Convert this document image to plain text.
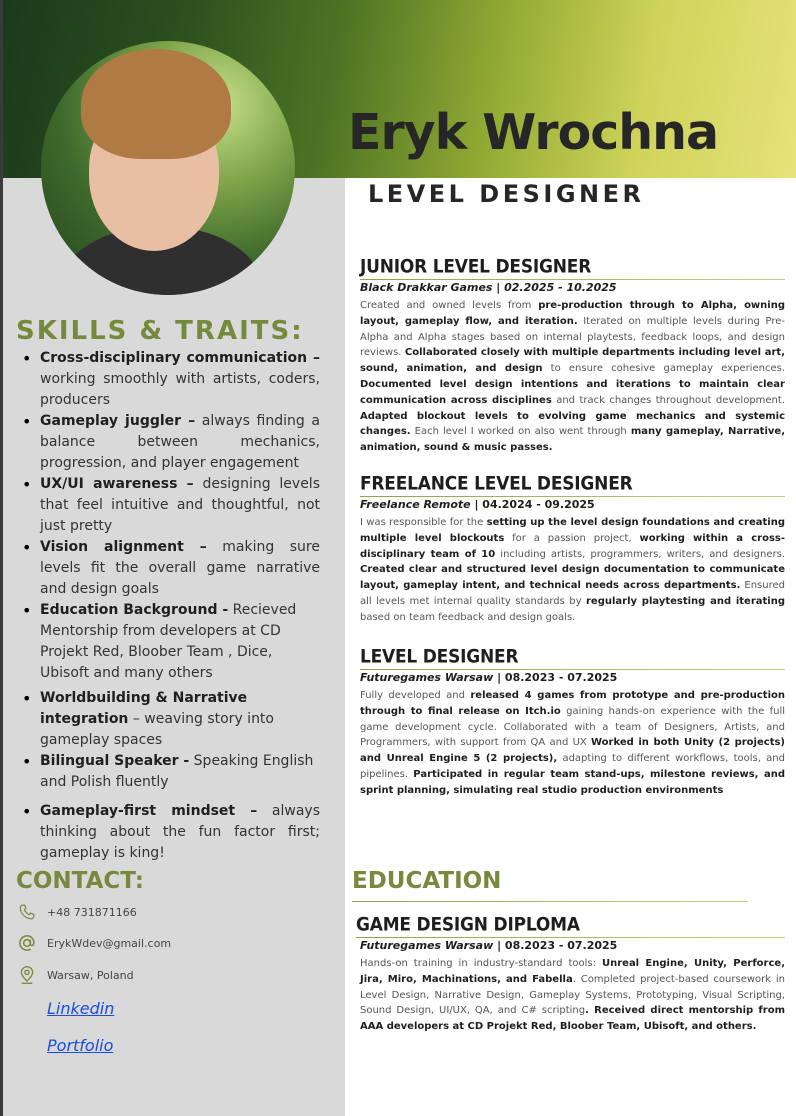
Eryk Wrochna
LEVEL DESIGNER
SKILLS & TRAITS:
• Cross-disciplinary communication – working smoothly with artists, coders, producers
• Gameplay juggler – always finding a balance between mechanics, progression, and player engagement
• UX/UI awareness – designing levels that feel intuitive and thoughtful, not just pretty
• Vision alignment – making sure levels fit the overall game narrative and design goals
• Education Background - Recieved Mentorship from developers at CD Projekt Red, Bloober Team , Dice, Ubisoft and many others
• Worldbuilding & Narrative integration – weaving story into gameplay spaces
• Bilingual Speaker - Speaking English and Polish fluently
• Gameplay-first mindset – always thinking about the fun factor first; gameplay is king!
CONTACT:
+48 731871166
ErykWdev@gmail.com
Warsaw, Poland
Linkedin
Portfolio
JUNIOR LEVEL DESIGNER
Black Drakkar Games | 02.2025 - 10.2025
Created and owned levels from pre-production through to Alpha, owning layout, gameplay flow, and iteration. Iterated on multiple levels during Pre-Alpha and Alpha stages based on internal playtests, feedback loops, and design reviews. Collaborated closely with multiple departments including level art, sound, animation, and design to ensure cohesive gameplay experiences. Documented level design intentions and iterations to maintain clear communication across disciplines and track changes throughout development. Adapted blockout levels to evolving game mechanics and systemic changes. Each level I worked on also went through many gameplay, Narrative, animation, sound & music passes.
FREELANCE LEVEL DESIGNER
Freelance Remote | 04.2024 - 09.2025
I was responsible for the setting up the level design foundations and creating multiple level blockouts for a passion project, working within a cross-disciplinary team of 10 including artists, programmers, writers, and designers. Created clear and structured level design documentation to communicate layout, gameplay intent, and technical needs across departments. Ensured all levels met internal quality standards by regularly playtesting and iterating based on team feedback and design goals.
LEVEL DESIGNER
Futuregames Warsaw | 08.2023 - 07.2025
Fully developed and released 4 games from prototype and pre-production through to final release on Itch.io gaining hands-on experience with the full game development cycle. Collaborated with a team of Designers, Artists, and Programmers, with support from QA and UX Worked in both Unity (2 projects) and Unreal Engine 5 (2 projects), adapting to different workflows, tools, and pipelines. Participated in regular team stand-ups, milestone reviews, and sprint planning, simulating real studio production environments
EDUCATION
GAME DESIGN DIPLOMA
Futuregames Warsaw | 08.2023 - 07.2025
Hands-on training in industry-standard tools: Unreal Engine, Unity, Perforce, Jira, Miro, Machinations, and Fabella. Completed project-based coursework in Level Design, Narrative Design, Gameplay Systems, Prototyping, Visual Scripting, Sound Design, UI/UX, QA, and C# scripting. Received direct mentorship from AAA developers at CD Projekt Red, Bloober Team, Ubisoft, and others.
